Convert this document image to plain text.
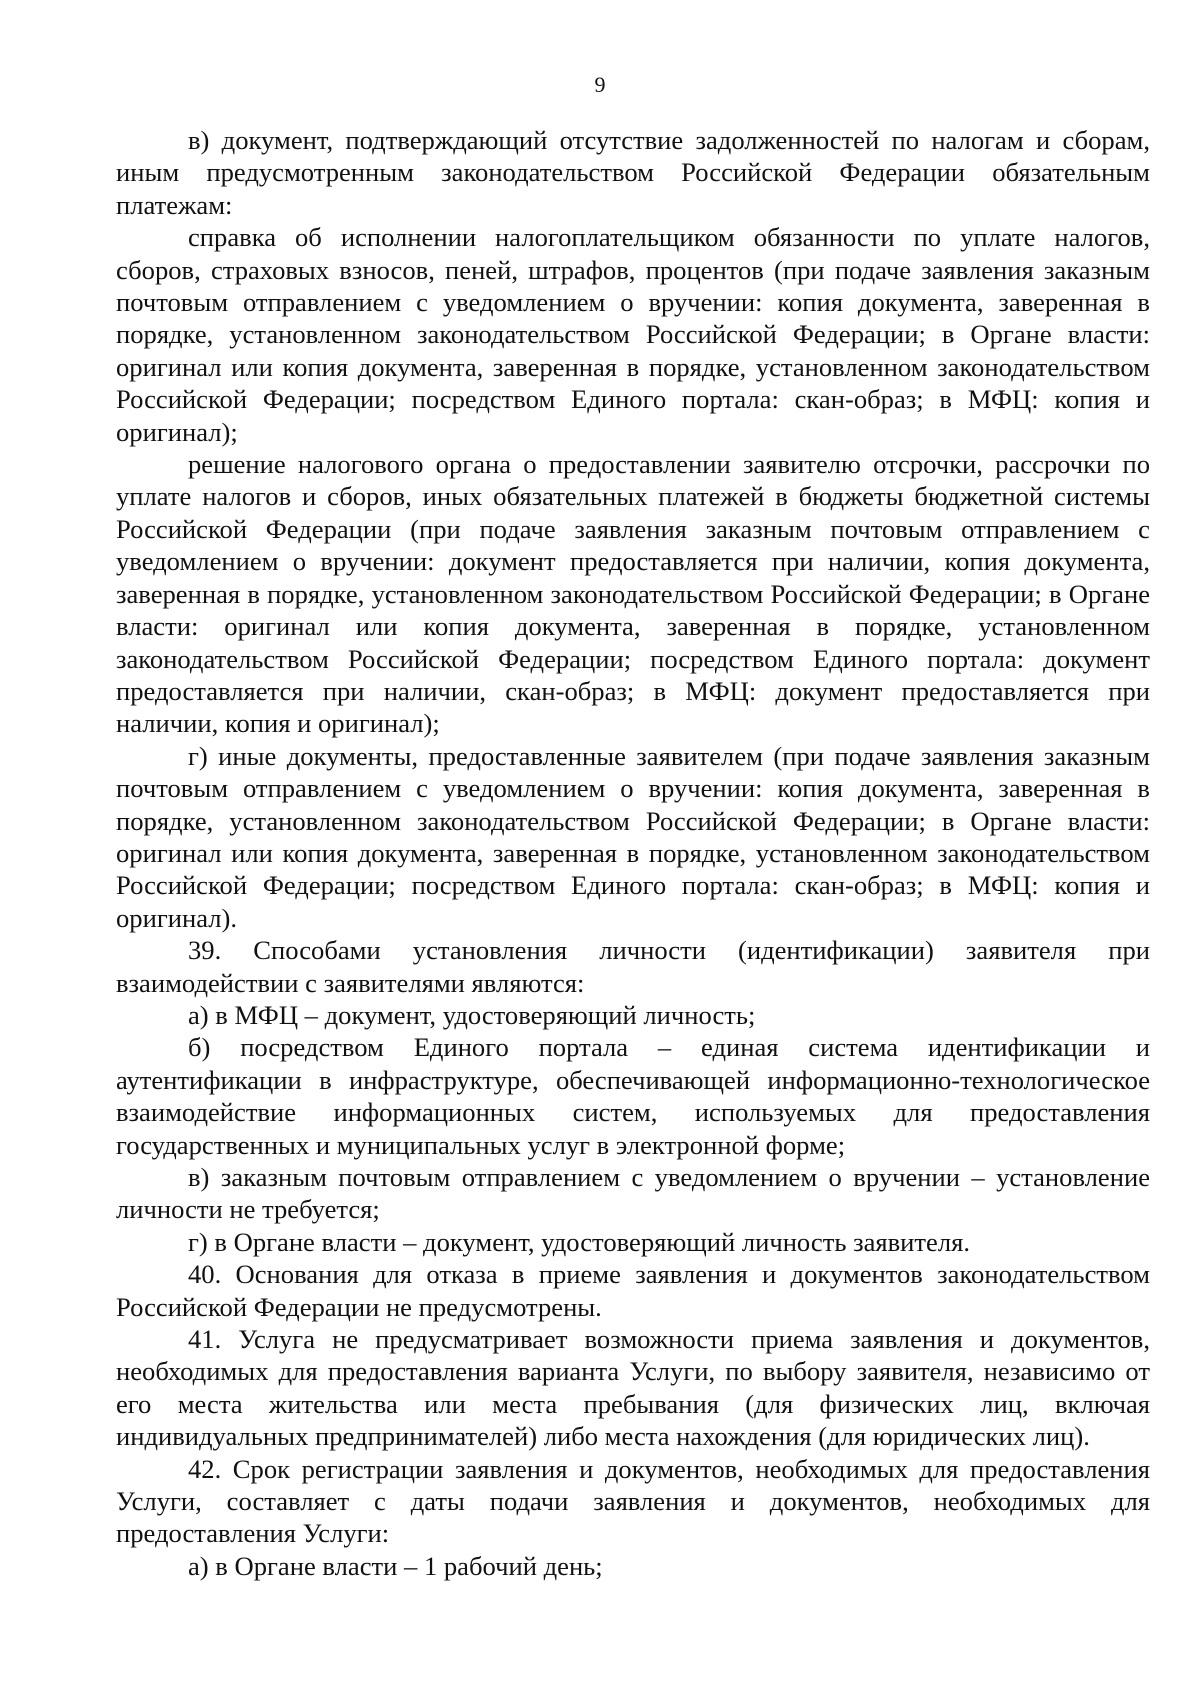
9

в) документ, подтверждающий отсутствие задолженностей по налогам и сборам, иным предусмотренным законодательством Российской Федерации обязательным платежам:

справка об исполнении налогоплательщиком обязанности по уплате налогов, сборов, страховых взносов, пеней, штрафов, процентов (при подаче заявления заказным почтовым отправлением с уведомлением о вручении: копия документа, заверенная в порядке, установленном законодательством Российской Федерации; в Органе власти: оригинал или копия документа, заверенная в порядке, установленном законодательством Российской Федерации; посредством Единого портала: скан-образ; в МФЦ: копия и оригинал);

решение налогового органа о предоставлении заявителю отсрочки, рассрочки по уплате налогов и сборов, иных обязательных платежей в бюджеты бюджетной системы Российской Федерации (при подаче заявления заказным почтовым отправлением с уведомлением о вручении: документ предоставляется при наличии, копия документа, заверенная в порядке, установленном законодательством Российской Федерации; в Органе власти: оригинал или копия документа, заверенная в порядке, установленном законодательством Российской Федерации; посредством Единого портала: документ предоставляется при наличии, скан-образ; в МФЦ: документ предоставляется при наличии, копия и оригинал);

г) иные документы, предоставленные заявителем (при подаче заявления заказным почтовым отправлением с уведомлением о вручении: копия документа, заверенная в порядке, установленном законодательством Российской Федерации; в Органе власти: оригинал или копия документа, заверенная в порядке, установленном законодательством Российской Федерации; посредством Единого портала: скан-образ; в МФЦ: копия и оригинал).

39. Способами установления личности (идентификации) заявителя при взаимодействии с заявителями являются:

а) в МФЦ – документ, удостоверяющий личность;

б) посредством Единого портала – единая система идентификации и аутентификации в инфраструктуре, обеспечивающей информационно-технологическое взаимодействие информационных систем, используемых для предоставления государственных и муниципальных услуг в электронной форме;

в) заказным почтовым отправлением с уведомлением о вручении – установление личности не требуется;

г) в Органе власти – документ, удостоверяющий личность заявителя.

40. Основания для отказа в приеме заявления и документов законодательством Российской Федерации не предусмотрены.

41. Услуга не предусматривает возможности приема заявления и документов, необходимых для предоставления варианта Услуги, по выбору заявителя, независимо от его места жительства или места пребывания (для физических лиц, включая индивидуальных предпринимателей) либо места нахождения (для юридических лиц).

42. Срок регистрации заявления и документов, необходимых для предоставления Услуги, составляет с даты подачи заявления и документов, необходимых для предоставления Услуги:

а) в Органе власти – 1 рабочий день;
